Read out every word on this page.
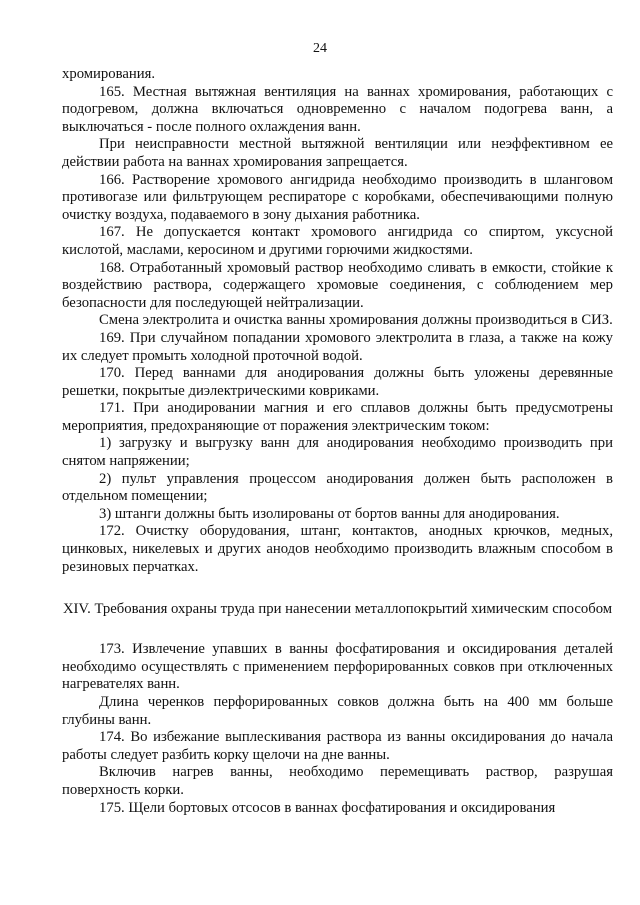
24

хромирования.

165. Местная вытяжная вентиляция на ваннах хромирования, работающих с подогревом, должна включаться одновременно с началом подогрева ванн, а выключаться - после полного охлаждения ванн.

При неисправности местной вытяжной вентиляции или неэффективном ее действии работа на ваннах хромирования запрещается.

166. Растворение хромового ангидрида необходимо производить в шланговом противогазе или фильтрующем респираторе с коробками, обеспечивающими полную очистку воздуха, подаваемого в зону дыхания работника.

167. Не допускается контакт хромового ангидрида со спиртом, уксусной кислотой, маслами, керосином и другими горючими жидкостями.

168. Отработанный хромовый раствор необходимо сливать в емкости, стойкие к воздействию раствора, содержащего хромовые соединения, с соблюдением мер безопасности для последующей нейтрализации.

Смена электролита и очистка ванны хромирования должны производиться в СИЗ.

169. При случайном попадании хромового электролита в глаза, а также на кожу их следует промыть холодной проточной водой.

170. Перед ваннами для анодирования должны быть уложены деревянные решетки, покрытые диэлектрическими ковриками.

171. При анодировании магния и его сплавов должны быть предусмотрены мероприятия, предохраняющие от поражения электрическим током:

1) загрузку и выгрузку ванн для анодирования необходимо производить при снятом напряжении;

2) пульт управления процессом анодирования должен быть расположен в отдельном помещении;

3) штанги должны быть изолированы от бортов ванны для анодирования.

172. Очистку оборудования, штанг, контактов, анодных крючков, медных, цинковых, никелевых и других анодов необходимо производить влажным способом в резиновых перчатках.

XIV. Требования охраны труда при нанесении металлопокрытий химическим способом

173. Извлечение упавших в ванны фосфатирования и оксидирования деталей необходимо осуществлять с применением перфорированных совков при отключенных нагревателях ванн.

Длина черенков перфорированных совков должна быть на 400 мм больше глубины ванн.

174. Во избежание выплескивания раствора из ванны оксидирования до начала работы следует разбить корку щелочи на дне ванны.

Включив нагрев ванны, необходимо перемещивать раствор, разрушая поверхность корки.

175. Щели бортовых отсосов в ваннах фосфатирования и оксидирования
